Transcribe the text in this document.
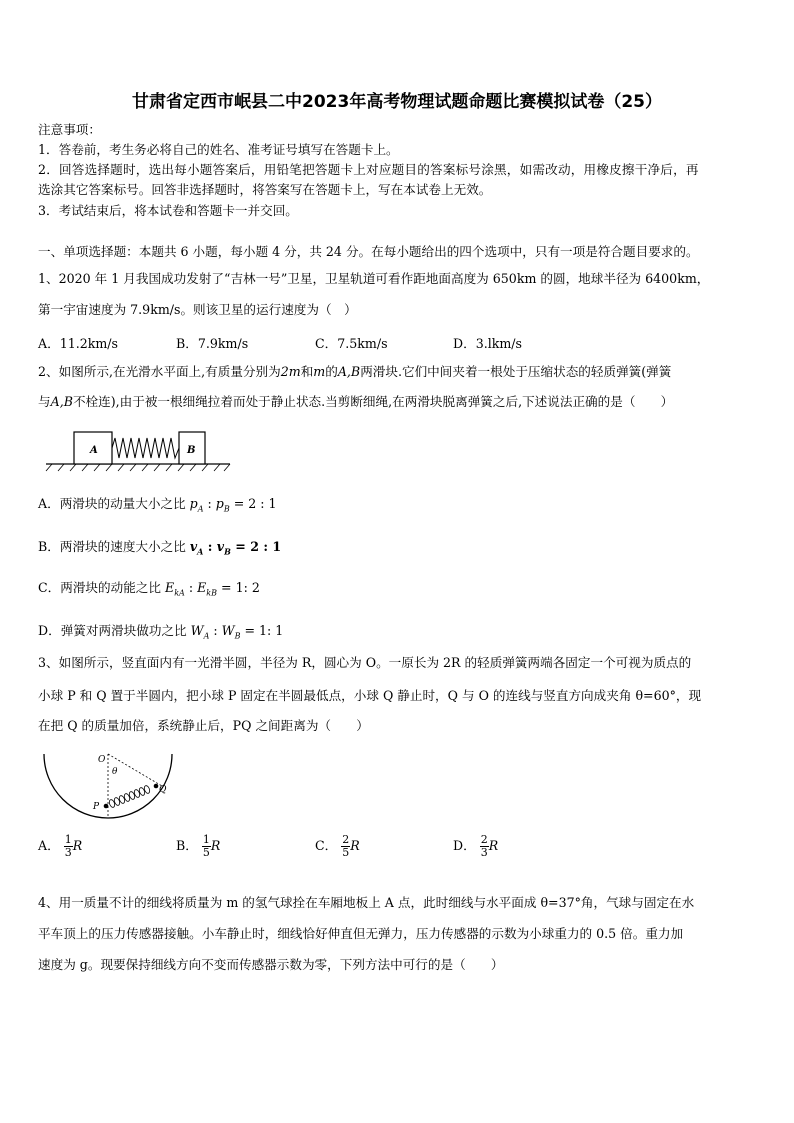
甘肃省定西市岷县二中2023年高考物理试题命题比赛模拟试卷（25）
注意事项：
1．答卷前，考生务必将自己的姓名、准考证号填写在答题卡上。
2．回答选择题时，选出每小题答案后，用铅笔把答题卡上对应题目的答案标号涂黑，如需改动，用橡皮擦干净后，再
选涂其它答案标号。回答非选择题时，将答案写在答题卡上，写在本试卷上无效。
3．考试结束后，将本试卷和答题卡一并交回。
一、单项选择题：本题共 6 小题，每小题 4 分，共 24 分。在每小题给出的四个选项中，只有一项是符合题目要求的。
1、2020 年 1 月我国成功发射了“吉林一号”卫星，卫星轨道可看作距地面高度为 650km 的圆，地球半径为 6400km，
第一宇宙速度为 7.9km/s。则该卫星的运行速度为（　）
A．11.2km/s	B．7.9km/s	C．7.5km/s	D．3.lkm/s
2、如图所示,在光滑水平面上,有质量分别为2m和m的A,B两滑块.它们中间夹着一根处于压缩状态的轻质弹簧(弹簧
与A,B不栓连),由于被一根细绳拉着而处于静止状态.当剪断细绳,在两滑块脱离弹簧之后,下述说法正确的是（　　）
A	B
A．两滑块的动量大小之比 $p_A$ : $p_B = 2$ : 1
B．两滑块的速度大小之比 $v_A$ : $v_B = 2$ : 1
C．两滑块的动能之比 $E_{kA}$ : $E_{kB} = 1$: 2
D．弹簧对两滑块做功之比 $W_A$ : $W_B = 1$: 1
3、如图所示，竖直面内有一光滑半圆，半径为 R，圆心为 O。一原长为 2R 的轻质弹簧两端各固定一个可视为质点的
小球 P 和 Q 置于半圆内，把小球 P 固定在半圆最低点，小球 Q 静止时，Q 与 O 的连线与竖直方向成夹角 θ=60°，现
在把 Q 的质量加倍，系统静止后，PQ 之间距离为（　　）
O
θ
Q
P
A． $\frac{1}{3}$ R	B． $\frac{1}{5}$ R	C． $\frac{2}{5}$ R	D． $\frac{2}{3}$ R
4、用一质量不计的细线将质量为 m 的氢气球拴在车厢地板上 A 点，此时细线与水平面成 θ=37°角，气球与固定在水
平车顶上的压力传感器接触。小车静止时，细线恰好伸直但无弹力，压力传感器的示数为小球重力的 0.5 倍。重力加
速度为 g。现要保持细线方向不变而传感器示数为零，下列方法中可行的是（　　）
